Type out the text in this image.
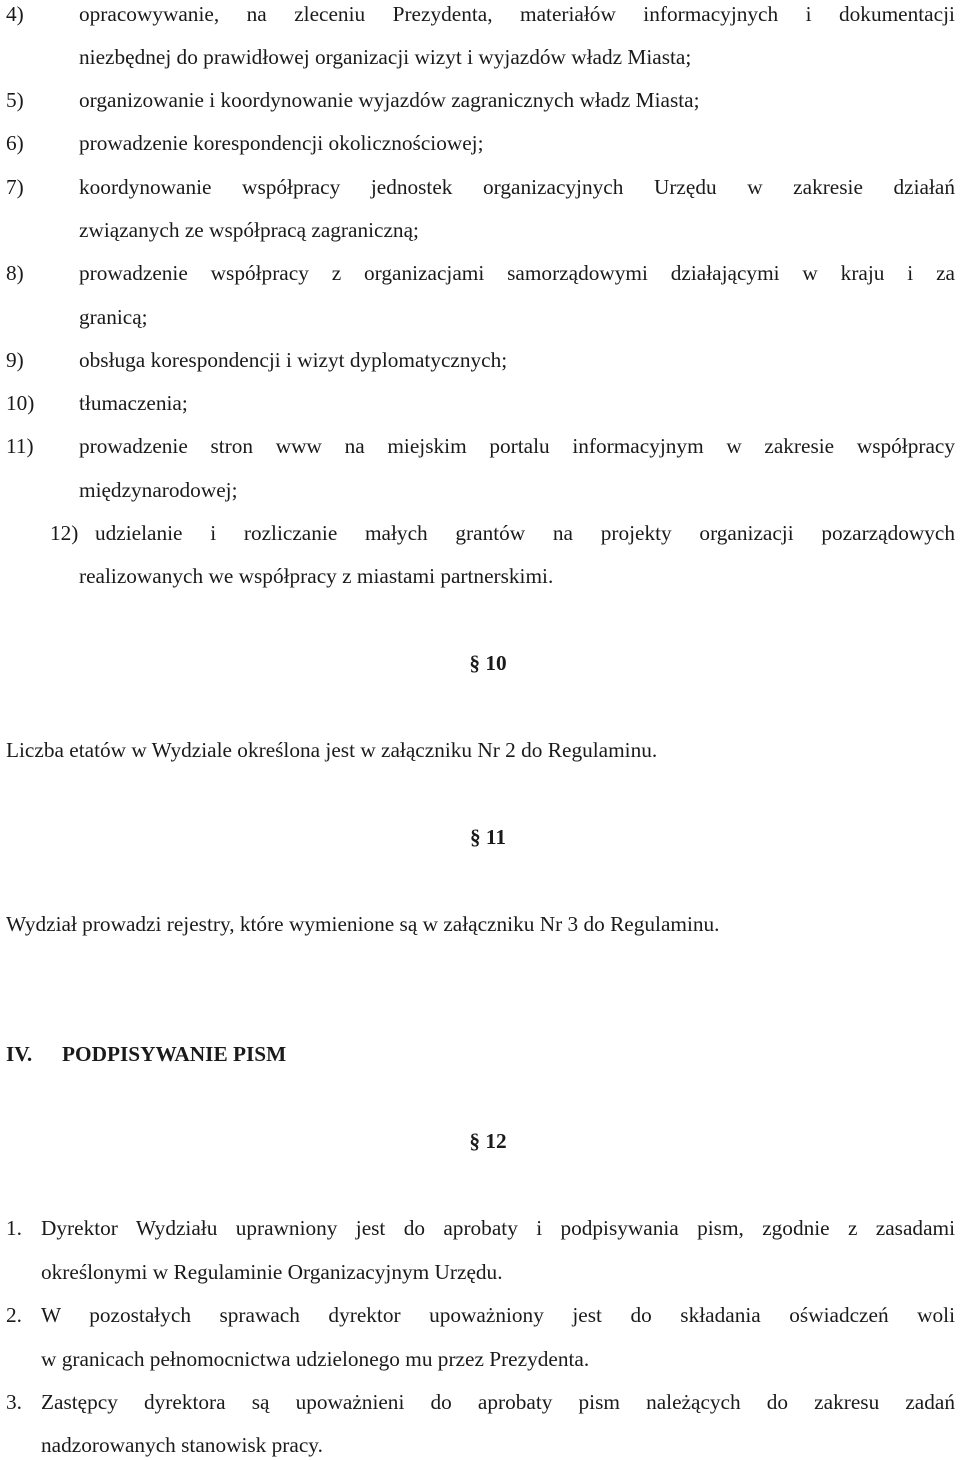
4)	opracowywanie, na zleceniu Prezydenta, materiałów informacyjnych i dokumentacji
niezbędnej do prawidłowej organizacji wizyt i wyjazdów władz Miasta;
5)	organizowanie i koordynowanie wyjazdów zagranicznych władz Miasta;
6)	prowadzenie korespondencji okolicznościowej;
7)	koordynowanie współpracy jednostek organizacyjnych Urzędu w zakresie działań
związanych ze współpracą zagraniczną;
8)	prowadzenie współpracy z organizacjami samorządowymi działającymi w kraju i za
granicą;
9)	obsługa korespondencji i wizyt dyplomatycznych;
10) tłumaczenia;
11) prowadzenie stron www na miejskim portalu informacyjnym w zakresie współpracy
międzynarodowej;
12) udzielanie i rozliczanie małych grantów na projekty organizacji pozarządowych
realizowanych we współpracy z miastami partnerskimi.
§ 10
Liczba etatów w Wydziale określona jest w załączniku Nr 2 do Regulaminu.
§ 11
Wydział prowadzi rejestry, które wymienione są w załączniku Nr 3 do Regulaminu.
IV. PODPISYWANIE PISM
§ 12
1. Dyrektor Wydziału uprawniony jest do aprobaty i podpisywania pism, zgodnie z zasadami
określonymi w Regulaminie Organizacyjnym Urzędu.
2. W pozostałych sprawach dyrektor upoważniony jest do składania oświadczeń woli
w granicach pełnomocnictwa udzielonego mu przez Prezydenta.
3. Zastępcy dyrektora są upoważnieni do aprobaty pism należących do zakresu zadań
nadzorowanych stanowisk pracy.
